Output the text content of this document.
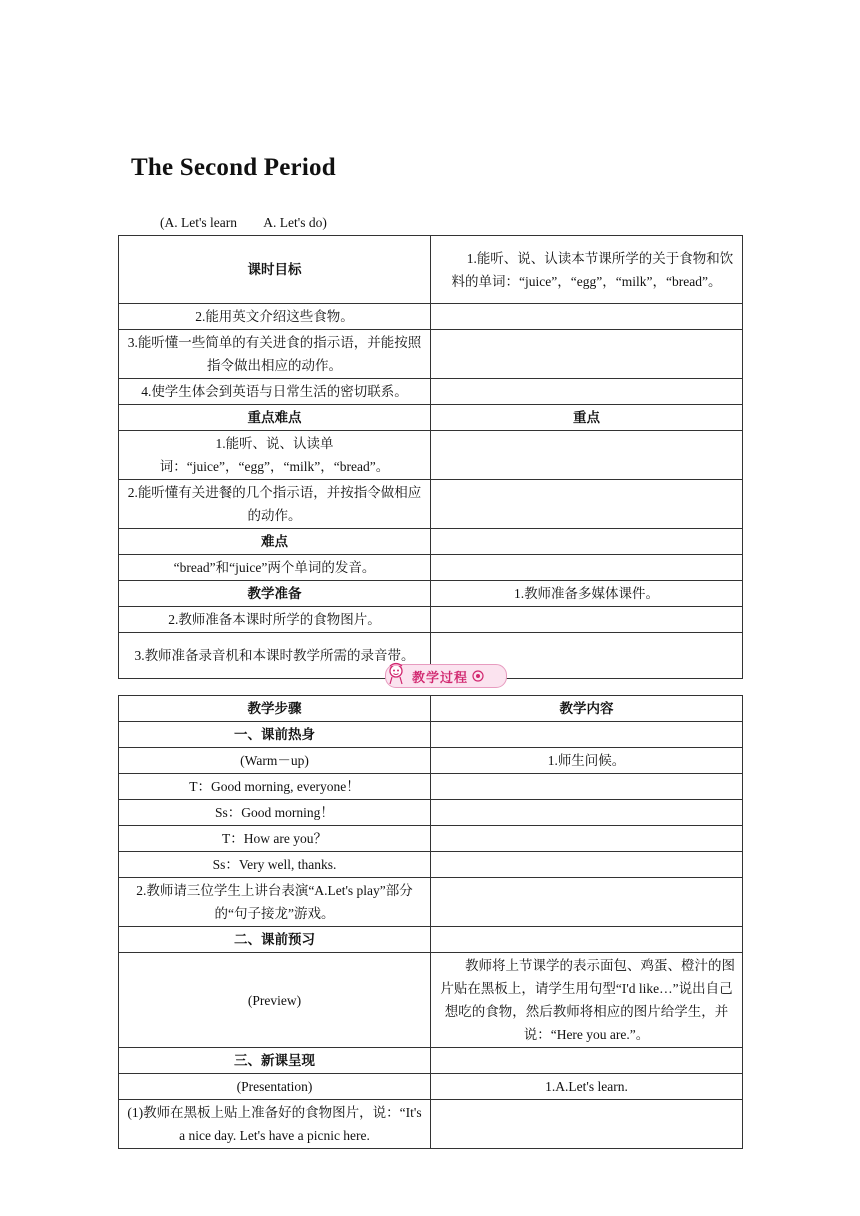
The Second Period
(A. Let's learn        A. Let's do)
课时目标	1.能听、说、认读本节课所学的关于食物和饮料的单词：“juice”，“egg”，“milk”，“bread”。
2.能用英文介绍这些食物。	
3.能听懂一些简单的有关进食的指示语，并能按照指令做出相应的动作。	
4.使学生体会到英语与日常生活的密切联系。	
重点难点	重点
1.能听、说、认读单词：“juice”，“egg”，“milk”，“bread”。	
2.能听懂有关进餐的几个指示语，并按指令做相应的动作。	
难点	
“bread”和“juice”两个单词的发音。	
教学准备	1.教师准备多媒体课件。
2.教师准备本课时所学的食物图片。	
3.教师准备录音机和本课时教学所需的录音带。	
教学过程
教学步骤	教学内容
一、课前热身	
(Warm－up)	1.师生问候。
T：Good morning, everyone！	
Ss：Good morning！	
T：How are you？	
Ss：Very well, thanks.	
2.教师请三位学生上讲台表演“A.Let's play”部分的“句子接龙”游戏。	
二、课前预习	
(Preview)	教师将上节课学的表示面包、鸡蛋、橙汁的图片贴在黑板上，请学生用句型“I'd like…”说出自己想吃的食物，然后教师将相应的图片给学生，并说：“Here you are.”。
三、新课呈现	
(Presentation)	1.A.Let's learn.
(1)教师在黑板上贴上准备好的食物图片，说：“It's a nice day. Let's have a picnic here.	
